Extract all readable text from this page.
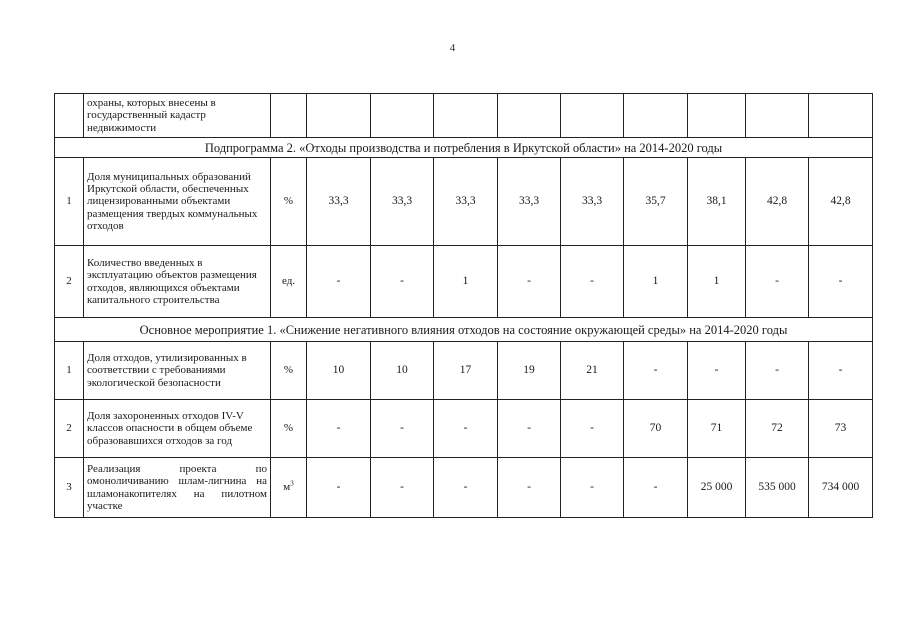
4
	охраны, которых внесены в государственный кадастр недвижимости										
Подпрограмма 2. «Отходы производства и потребления в Иркутской области» на 2014-2020 годы											
1	Доля муниципальных образований Иркутской области, обеспеченных лицензированными объектами размещения твердых коммунальных отходов	%	33,3	33,3	33,3	33,3	33,3	35,7	38,1	42,8	42,8
2	Количество введенных в эксплуатацию объектов размещения отходов, являющихся объектами капитального строительства	ед.	-	-	1	-	-	1	1	-	-
Основное мероприятие 1. «Снижение негативного влияния отходов на состояние окружающей среды» на 2014-2020 годы											
1	Доля отходов, утилизированных в соответствии с требованиями экологической безопасности	%	10	10	17	19	21	-	-	-	-
2	Доля захороненных отходов IV-V классов опасности в общем объеме образовавшихся отходов за год	%	-	-	-	-	-	70	71	72	73
3	Реализация проекта по омоноличиванию шлам-лигнина на шламонакопителях на пилотном участке	$м^3$	-	-	-	-	-	-	25 000	535 000	734 000
